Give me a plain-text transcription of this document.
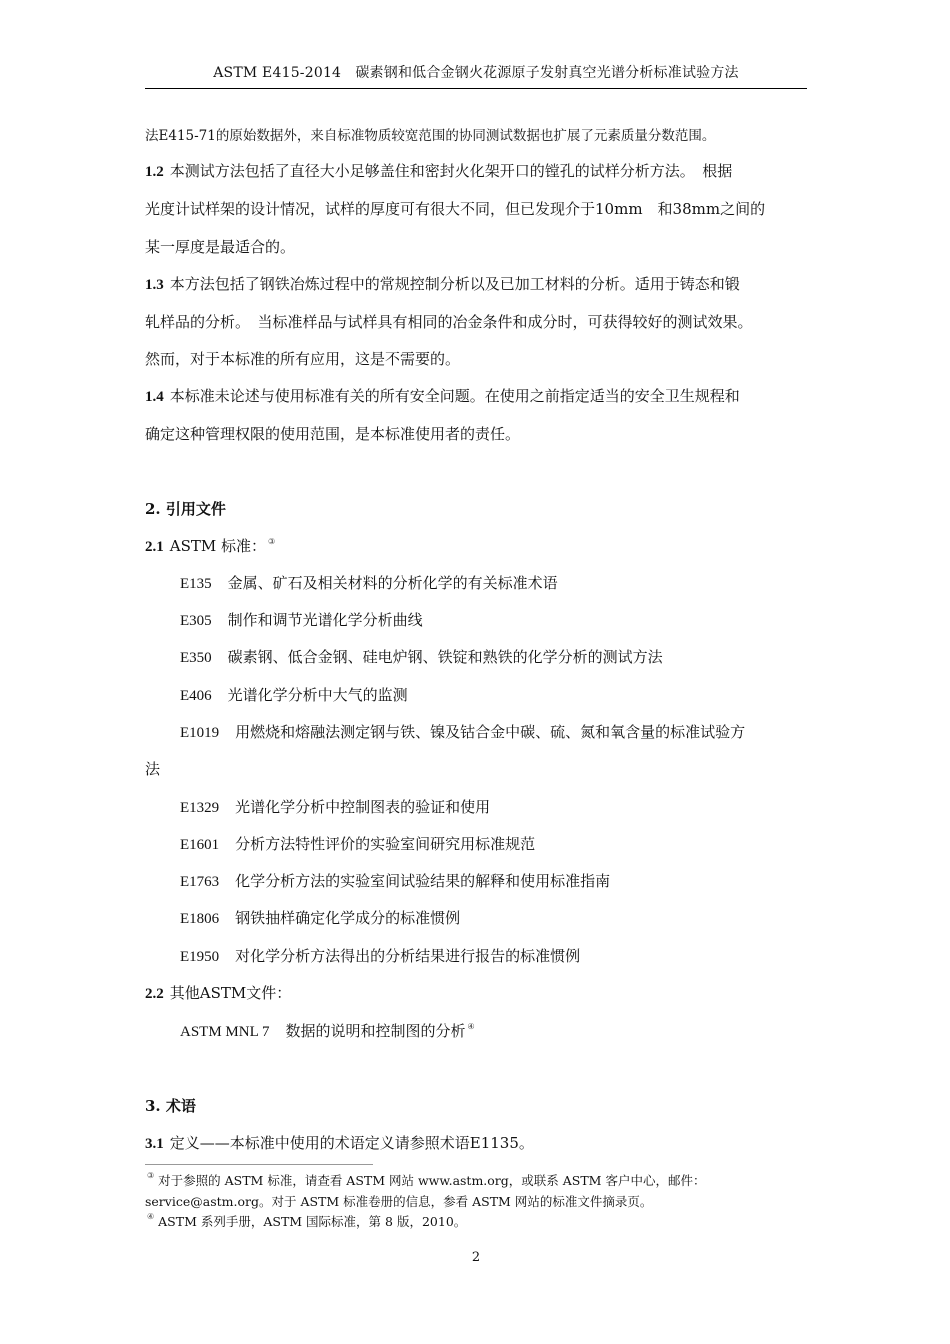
ASTM E415-2014　碳素钢和低合金钢火花源原子发射真空光谱分析标准试验方法
法E415-71的原始数据外，来自标准物质较宽范围的协同测试数据也扩展了元素质量分数范围。
1.2 本测试方法包括了直径大小足够盖住和密封火化架开口的镗孔的试样分析方法。　根据
光度计试样架的设计情况，试样的厚度可有很大不同，但已发现介于10mm　和38mm之间的
某一厚度是最适合的。
1.3 本方法包括了钢铁冶炼过程中的常规控制分析以及已加工材料的分析。适用于铸态和锻
轧样品的分析。　当标准样品与试样具有相同的冶金条件和成分时，可获得较好的测试效果。
然而，对于本标准的所有应用，这是不需要的。
1.4 本标准未论述与使用标准有关的所有安全问题。在使用之前指定适当的安全卫生规程和
确定这种管理权限的使用范围，是本标准使用者的责任。
2. 引用文件
2.1 ASTM 标准： ③
E135 金属、矿石及相关材料的分析化学的有关标准术语
E305 制作和调节光谱化学分析曲线
E350 碳素钢、低合金钢、硅电炉钢、铁锭和熟铁的化学分析的测试方法
E406 光谱化学分析中大气的监测
E1019 用燃烧和熔融法测定钢与铁、镍及钴合金中碳、硫、氮和氧含量的标准试验方
法
E1329 光谱化学分析中控制图表的验证和使用
E1601 分析方法特性评价的实验室间研究用标准规范
E1763 化学分析方法的实验室间试验结果的解释和使用标准指南
E1806 钢铁抽样确定化学成分的标准惯例
E1950 对化学分析方法得出的分析结果进行报告的标准惯例
2.2 其他ASTM文件：
ASTM MNL 7 数据的说明和控制图的分析 ④
3. 术语
3.1 定义——本标准中使用的术语定义请参照术语E1135。
③ 对于参照的 ASTM 标准，请查看 ASTM 网站 www.astm.org，或联系 ASTM 客户中心，邮件：
service@astm.org。对于 ASTM 标准卷册的信息，参看 ASTM 网站的标准文件摘录页。
④ ASTM 系列手册，ASTM 国际标准，第 8 版，2010。
2
